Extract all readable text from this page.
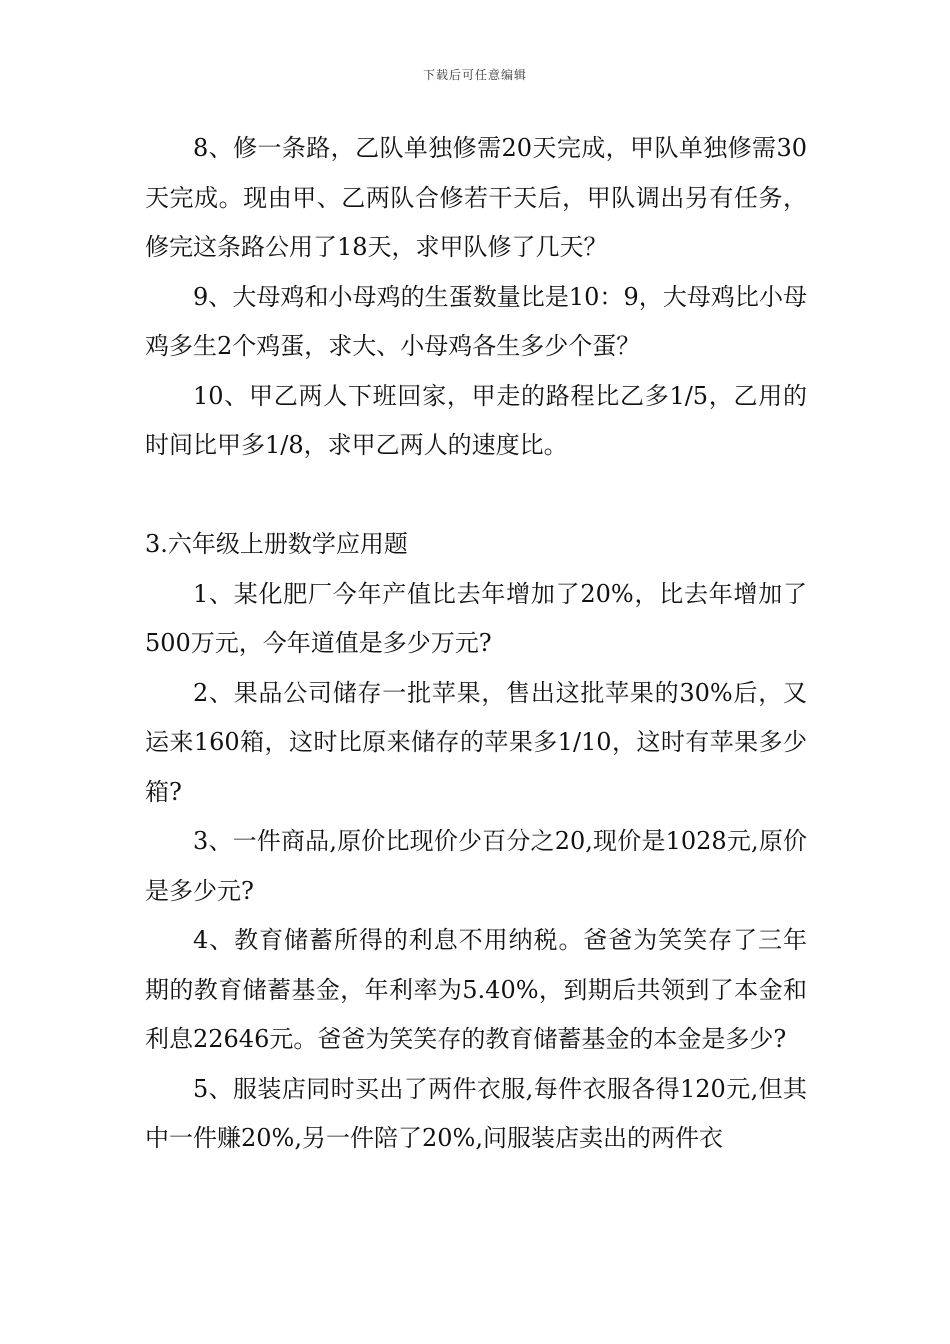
下载后可任意编辑

8、修一条路，乙队单独修需20天完成，甲队单独修需30天完成。现由甲、乙两队合修若干天后，甲队调出另有任务，修完这条路公用了18天，求甲队修了几天？

9、大母鸡和小母鸡的生蛋数量比是10：9，大母鸡比小母鸡多生2个鸡蛋，求大、小母鸡各生多少个蛋？

10、甲乙两人下班回家，甲走的路程比乙多1/5，乙用的时间比甲多1/8，求甲乙两人的速度比。

3.六年级上册数学应用题

1、某化肥厂今年产值比去年增加了20%，比去年增加了500万元，今年道值是多少万元?

2、果品公司储存一批苹果，售出这批苹果的30%后，又运来160箱，这时比原来储存的苹果多1/10，这时有苹果多少箱?

3、一件商品,原价比现价少百分之20,现价是1028元,原价是多少元?

4、教育储蓄所得的利息不用纳税。爸爸为笑笑存了三年期的教育储蓄基金，年利率为5.40%，到期后共领到了本金和利息22646元。爸爸为笑笑存的教育储蓄基金的本金是多少?

5、服装店同时买出了两件衣服,每件衣服各得120元,但其中一件赚20%,另一件陪了20%,问服装店卖出的两件衣
